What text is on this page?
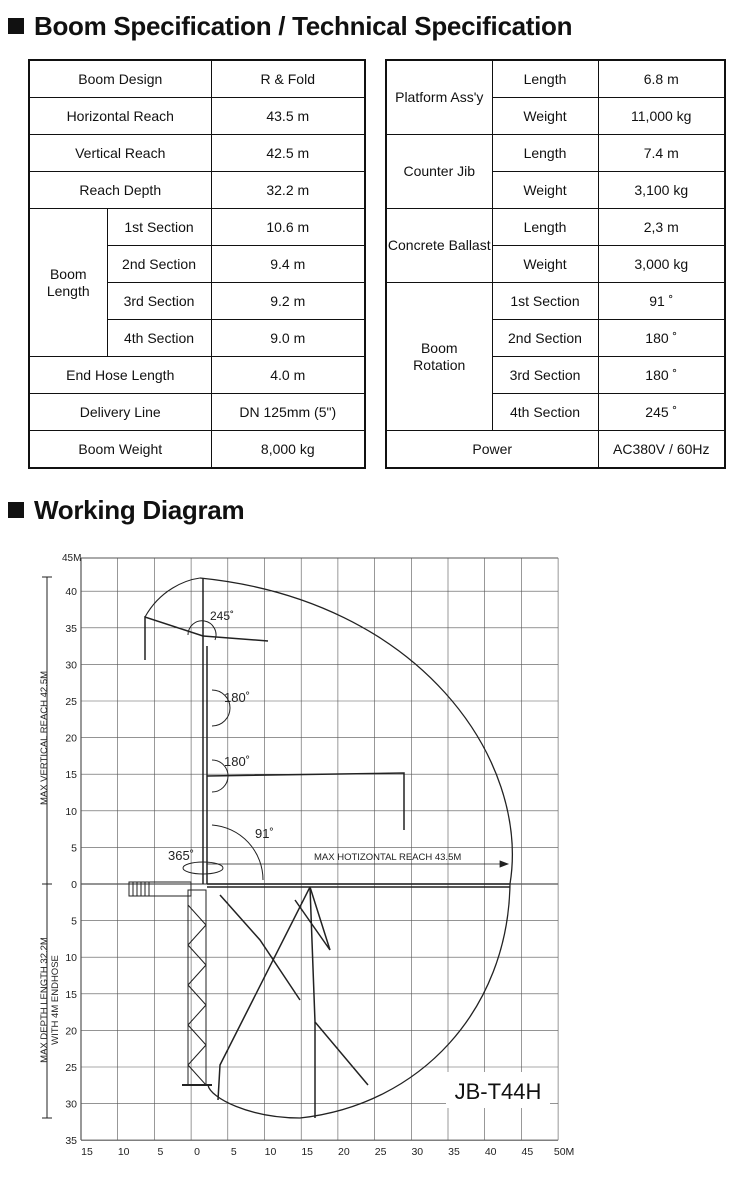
Boom Specification / Technical Specification
Boom Design		R & Fold
Horizontal Reach		43.5 m
Vertical Reach		42.5 m
Reach Depth		32.2 m
Boom
Length	1st Section	10.6 m
	2nd Section	9.4 m
	3rd Section	9.2 m
	4th Section	9.0 m
End Hose Length		4.0 m
Delivery Line		DN 125mm (5")
Boom Weight		8,000 kg
Platform Ass'y	Length	6.8 m
	Weight	11,000 kg
Counter Jib	Length	7.4 m
	Weight	3,100 kg
Concrete Ballast	Length	2,3 m
	Weight	3,000 kg
Boom
Rotation	1st Section	91 ˚
	2nd Section	180 ˚
	3rd Section	180 ˚
	4th Section	245 ˚
Power		AC380V / 60Hz
Working Diagram
40
35
30
25
20
15
10
5
0
5
10
15
20
25
30
35
15 10	5	0	5	10 15 20 25 30 35 40 45 50M
45M
MAX VERTICAL REACH 42.5M
MAX DEPTH LENGTH 32.2M WITH 4M ENDHOSE
MAX HOTIZONTAL REACH 43.5M
245˚
180˚
180˚
91˚
365˚
JB-T44H
